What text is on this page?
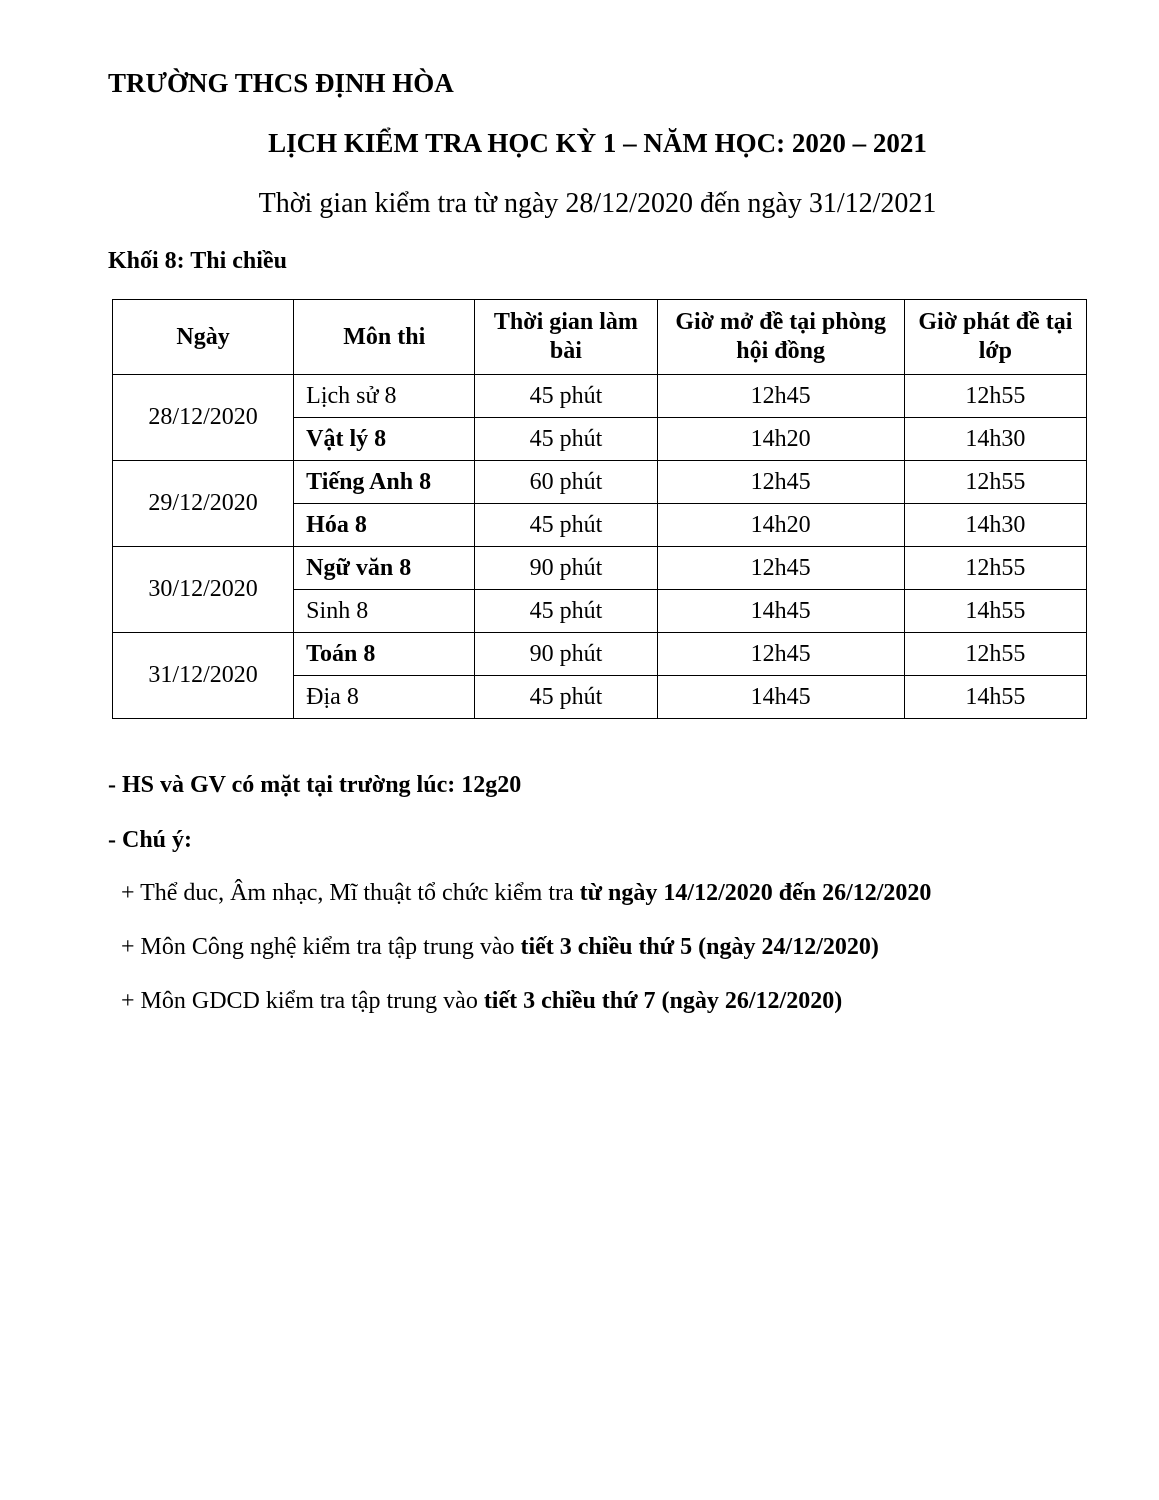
TRƯỜNG THCS ĐỊNH HÒA
LỊCH KIỂM TRA HỌC KỲ 1 – NĂM HỌC: 2020 – 2021

Thời gian kiểm tra từ ngày 28/12/2020 đến ngày 31/12/2021

Khối 8: Thi chiều

Ngày	Môn thi	Thời gian làm bài	Giờ mở đề tại phòng hội đồng	Giờ phát đề tại lớp
28/12/2020	Lịch sử 8	45 phút	12h45	12h55
	Vật lý 8	45 phút	14h20	14h30
29/12/2020	Tiếng Anh 8	60 phút	12h45	12h55
	Hóa 8	45 phút	14h20	14h30
30/12/2020	Ngữ văn 8	90 phút	12h45	12h55
	Sinh 8	45 phút	14h45	14h55
31/12/2020	Toán 8	90 phút	12h45	12h55
	Địa 8	45 phút	14h45	14h55

- HS và GV có mặt tại trường lúc: 12g20

- Chú ý:

+ Thể duc, Âm nhạc, Mĩ thuật tổ chức kiểm tra từ ngày 14/12/2020 đến 26/12/2020

+ Môn Công nghệ kiểm tra tập trung vào tiết 3 chiều thứ 5 (ngày 24/12/2020)

+ Môn GDCD kiểm tra tập trung vào tiết 3 chiều thứ 7 (ngày 26/12/2020)
